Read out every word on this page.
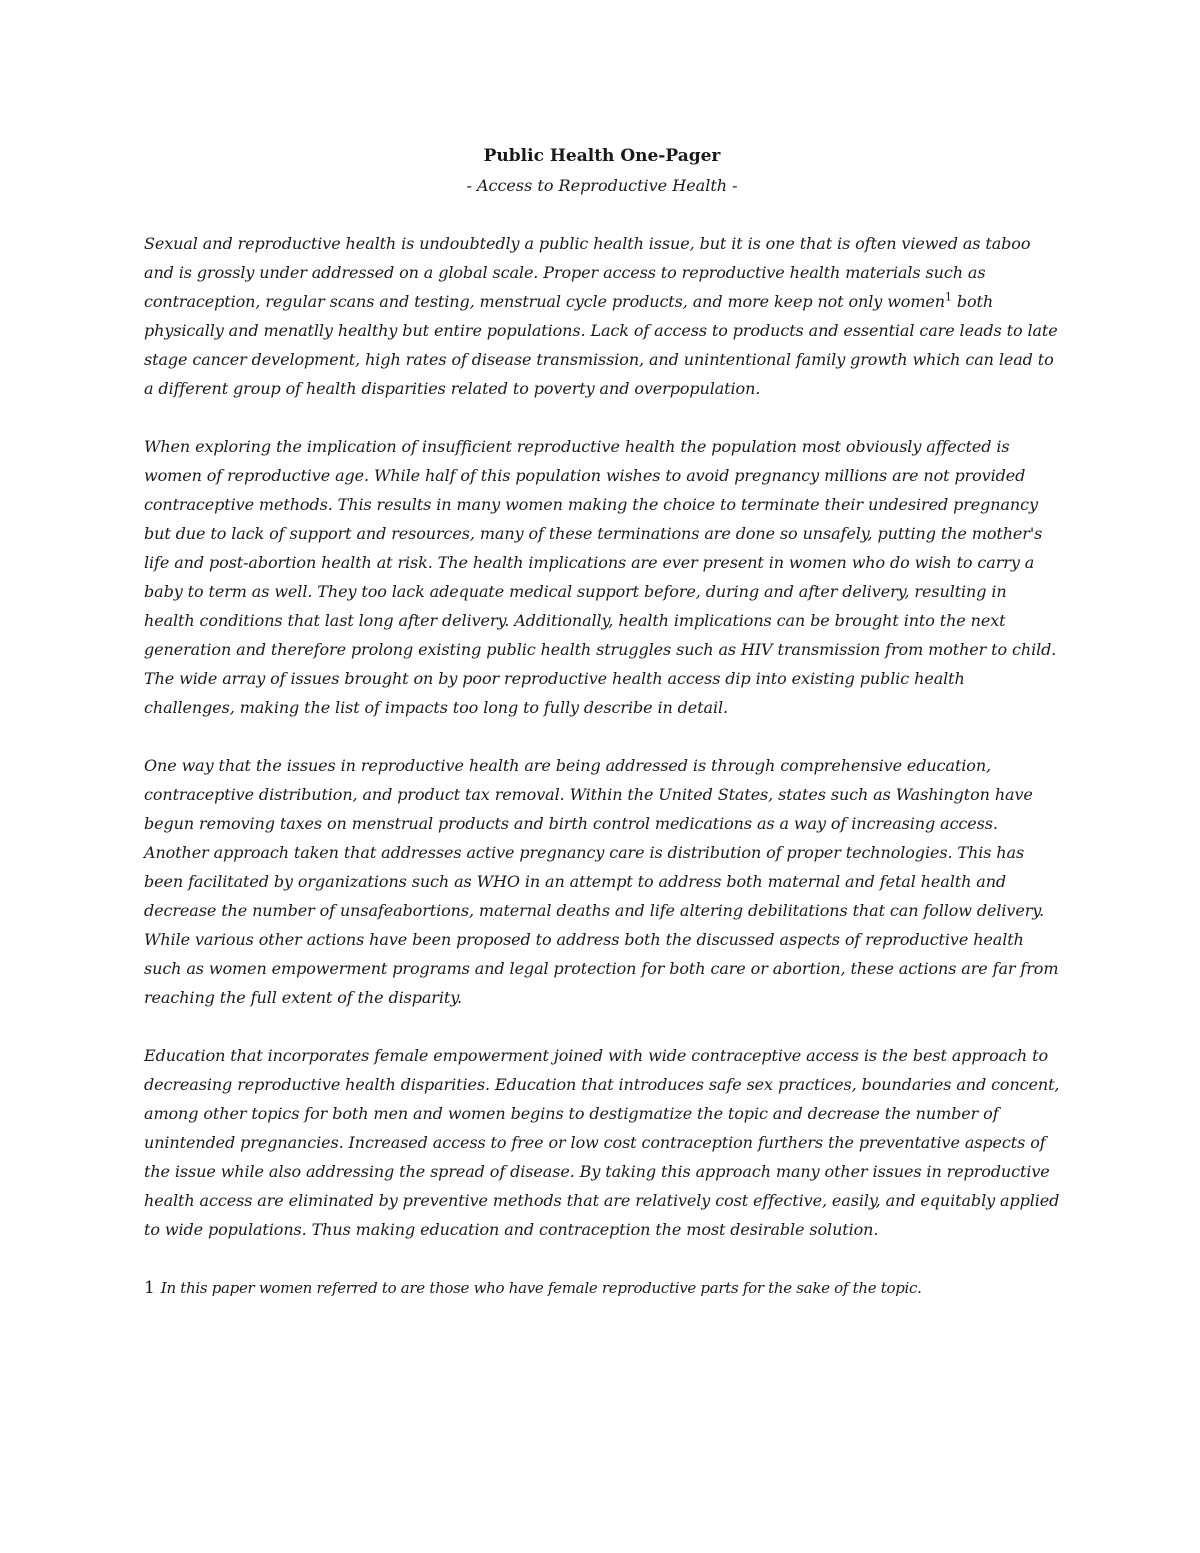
Public Health One-Pager

- Access to Reproductive Health -

Sexual and reproductive health is undoubtedly a public health issue, but it is one that is often viewed as taboo and is grossly under addressed on a global scale. Proper access to reproductive health materials such as contraception, regular scans and testing, menstrual cycle products, and more keep not only women$^1$ both physically and menatlly healthy but entire populations. Lack of access to products and essential care leads to late stage cancer development, high rates of disease transmission, and unintentional family growth which can lead to a different group of health disparities related to poverty and overpopulation.

When exploring the implication of insufficient reproductive health the population most obviously affected is women of reproductive age. While half of this population wishes to avoid pregnancy millions are not provided contraceptive methods. This results in many women making the choice to terminate their undesired pregnancy but due to lack of support and resources, many of these terminations are done so unsafely, putting the mother's life and post-abortion health at risk. The health implications are ever present in women who do wish to carry a baby to term as well. They too lack adequate medical support before, during and after delivery, resulting in health conditions that last long after delivery. Additionally, health implications can be brought into the next generation and therefore prolong existing public health struggles such as HIV transmission from mother to child. The wide array of issues brought on by poor reproductive health access dip into existing public health challenges, making the list of impacts too long to fully describe in detail.

One way that the issues in reproductive health are being addressed is through comprehensive education, contraceptive distribution, and product tax removal. Within the United States, states such as Washington have begun removing taxes on menstrual products and birth control medications as a way of increasing access. Another approach taken that addresses active pregnancy care is distribution of proper technologies. This has been facilitated by organizations such as WHO in an attempt to address both maternal and fetal health and decrease the number of unsafeabortions, maternal deaths and life altering debilitations that can follow delivery. While various other actions have been proposed to address both the discussed aspects of reproductive health such as women empowerment programs and legal protection for both care or abortion, these actions are far from reaching the full extent of the disparity.

Education that incorporates female empowerment joined with wide contraceptive access is the best approach to decreasing reproductive health disparities. Education that introduces safe sex practices, boundaries and concent, among other topics for both men and women begins to destigmatize the topic and decrease the number of unintended pregnancies. Increased access to free or low cost contraception furthers the preventative aspects of the issue while also addressing the spread of disease. By taking this approach many other issues in reproductive health access are eliminated by preventive methods that are relatively cost effective, easily, and equitably applied to wide populations. Thus making education and contraception the most desirable solution.

1 In this paper women referred to are those who have female reproductive parts for the sake of the topic.
